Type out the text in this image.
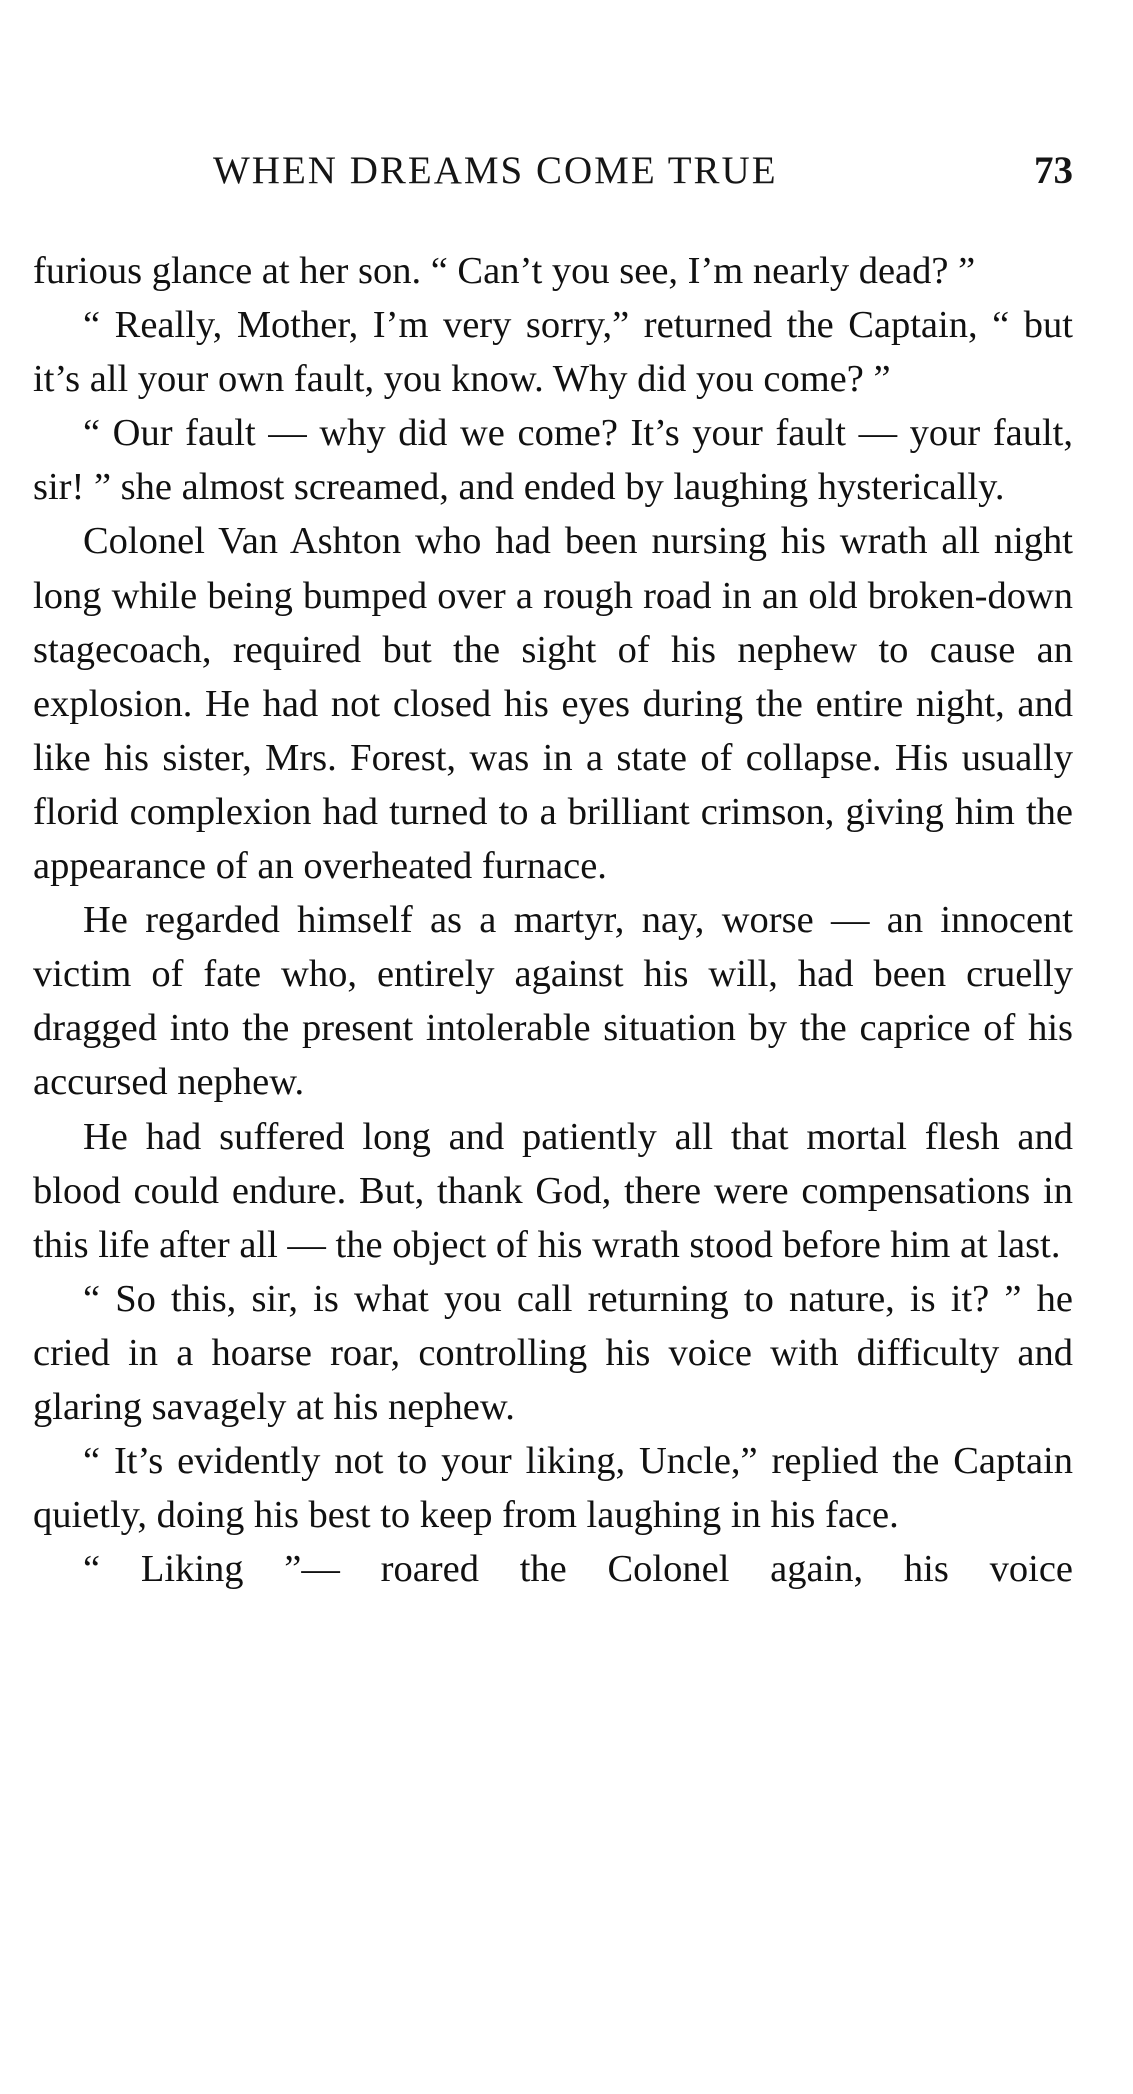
WHEN DREAMS COME TRUE	73

furious glance at her son. “ Can’t you see, I’m nearly dead? ”

“ Really, Mother, I’m very sorry,” returned the Captain, “ but it’s all your own fault, you know. Why did you come? ”

“ Our fault — why did we come? It’s your fault — your fault, sir! ” she almost screamed, and ended by laughing hysterically.

Colonel Van Ashton who had been nursing his wrath all night long while being bumped over a rough road in an old broken-down stagecoach, required but the sight of his nephew to cause an explosion. He had not closed his eyes during the entire night, and like his sister, Mrs. Forest, was in a state of collapse. His usually florid complexion had turned to a brilliant crimson, giving him the appearance of an overheated furnace.

He regarded himself as a martyr, nay, worse — an innocent victim of fate who, entirely against his will, had been cruelly dragged into the present intolerable situation by the caprice of his accursed nephew.

He had suffered long and patiently all that mortal flesh and blood could endure. But, thank God, there were compensations in this life after all — the object of his wrath stood before him at last.

“ So this, sir, is what you call returning to nature, is it? ” he cried in a hoarse roar, controlling his voice with difficulty and glaring savagely at his nephew.

“ It’s evidently not to your liking, Uncle,” replied the Captain quietly, doing his best to keep from laughing in his face.

“ Liking ”— roared the Colonel again, his voice
